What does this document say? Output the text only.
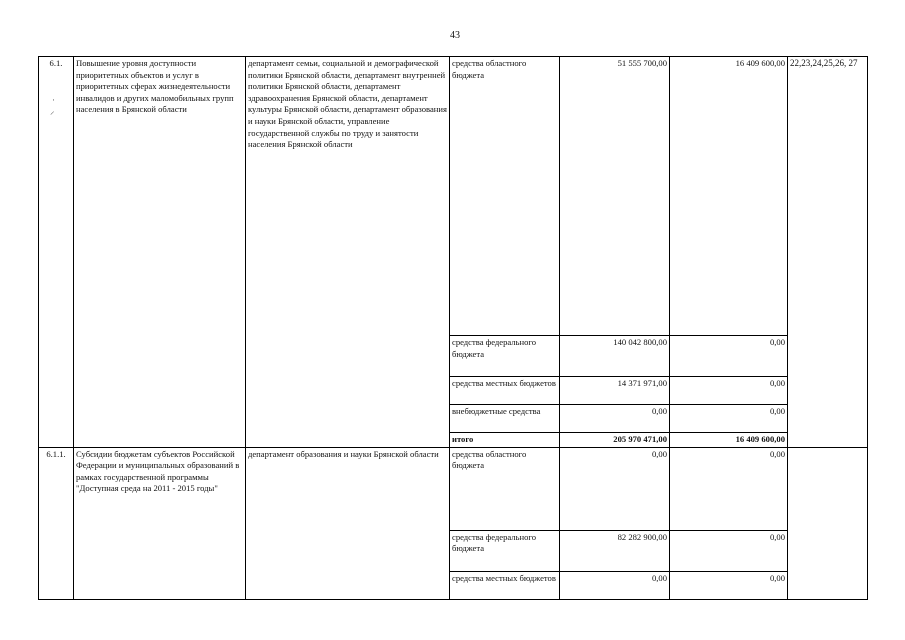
43
·
⸝
6.1.	Повышение уровня доступности приоритетных объектов и услуг в приоритетных сферах жизнедеятельности инвалидов и других маломобильных групп населения в Брянской области	департамент семьи, социальной и демографической политики Брянской области, департамент внутренней политики Брянской области, департамент здравоохранения Брянской области, департамент культуры Брянской области, департамент образования и науки Брянской области, управление государственной службы по труду и занятости населения Брянской области	средства областного бюджета	51 555 700,00	16 409 600,00	22,23,24,25,26, 27
			средства федерального бюджета	140 042 800,00	0,00	
			средства местных бюджетов	14 371 971,00	0,00	
			внебюджетные средства	0,00	0,00	
			итого	205 970 471,00	16 409 600,00	
6.1.1.	Субсидии бюджетам субъектов Российской Федерации и муниципальных образований в рамках государственной программы "Доступная среда на 2011 - 2015 годы"	департамент образования и науки Брянской области	средства областного бюджета	0,00	0,00	
			средства федерального бюджета	82 282 900,00	0,00	
			средства местных бюджетов	0,00	0,00	
